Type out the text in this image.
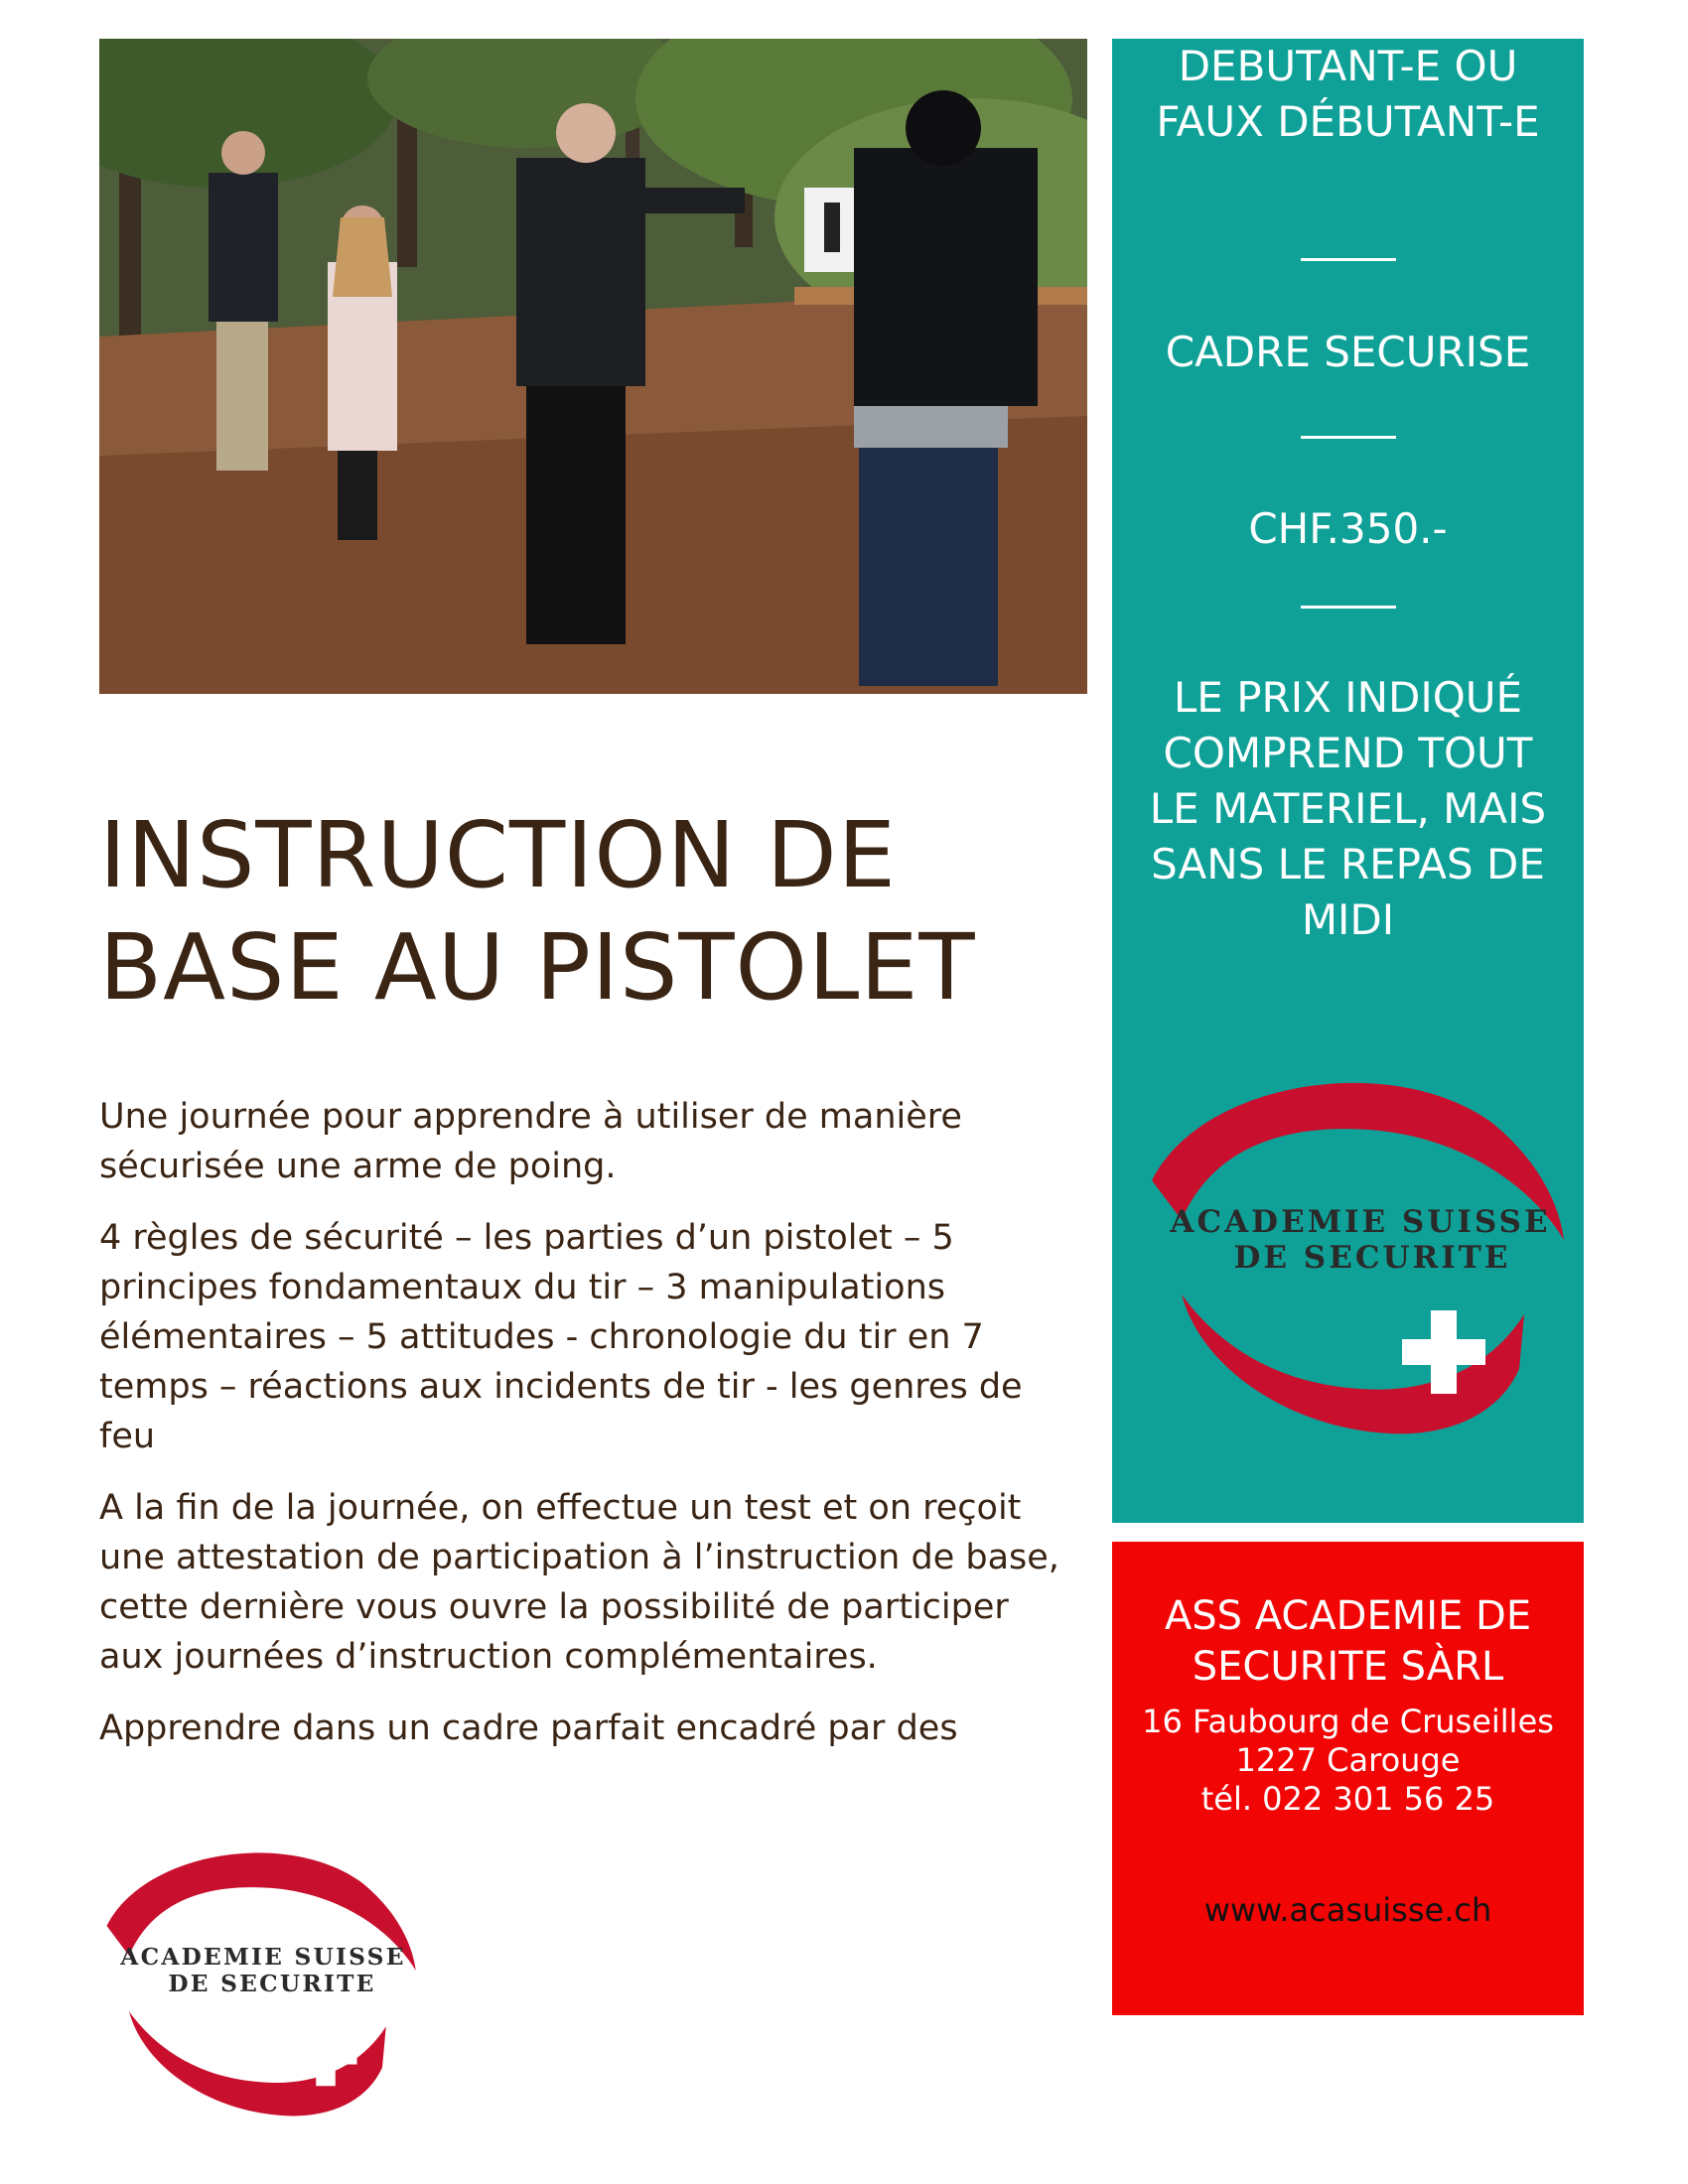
INSTRUCTION DE
BASE AU PISTOLET

Une journée pour apprendre à utiliser de manière sécurisée une arme de poing.

4 règles de sécurité – les parties d’un pistolet – 5 principes fondamentaux du tir – 3 manipulations élémentaires – 5 attitudes - chronologie du tir en 7 temps – réactions aux incidents de tir - les genres de feu

A la fin de la journée, on effectue un test et on reçoit une attestation de participation à l’instruction de base, cette dernière vous ouvre la possibilité de participer aux journées d’instruction complémentaires.

Apprendre dans un cadre parfait encadré par des

DEBUTANT-E OU FAUX DÉBUTANT-E
CADRE SECURISE
CHF.350.-
LE PRIX INDIQUÉ COMPREND TOUT LE MATERIEL, MAIS SANS LE REPAS DE MIDI
ACADEMIE SUISSE
DE SECURITE
ASS ACADEMIE DE SECURITE SÀRL
16 Faubourg de Cruseilles
1227 Carouge
tél. 022 301 56 25
www.acasuisse.ch
ACADEMIE SUISSE
DE SECURITE
